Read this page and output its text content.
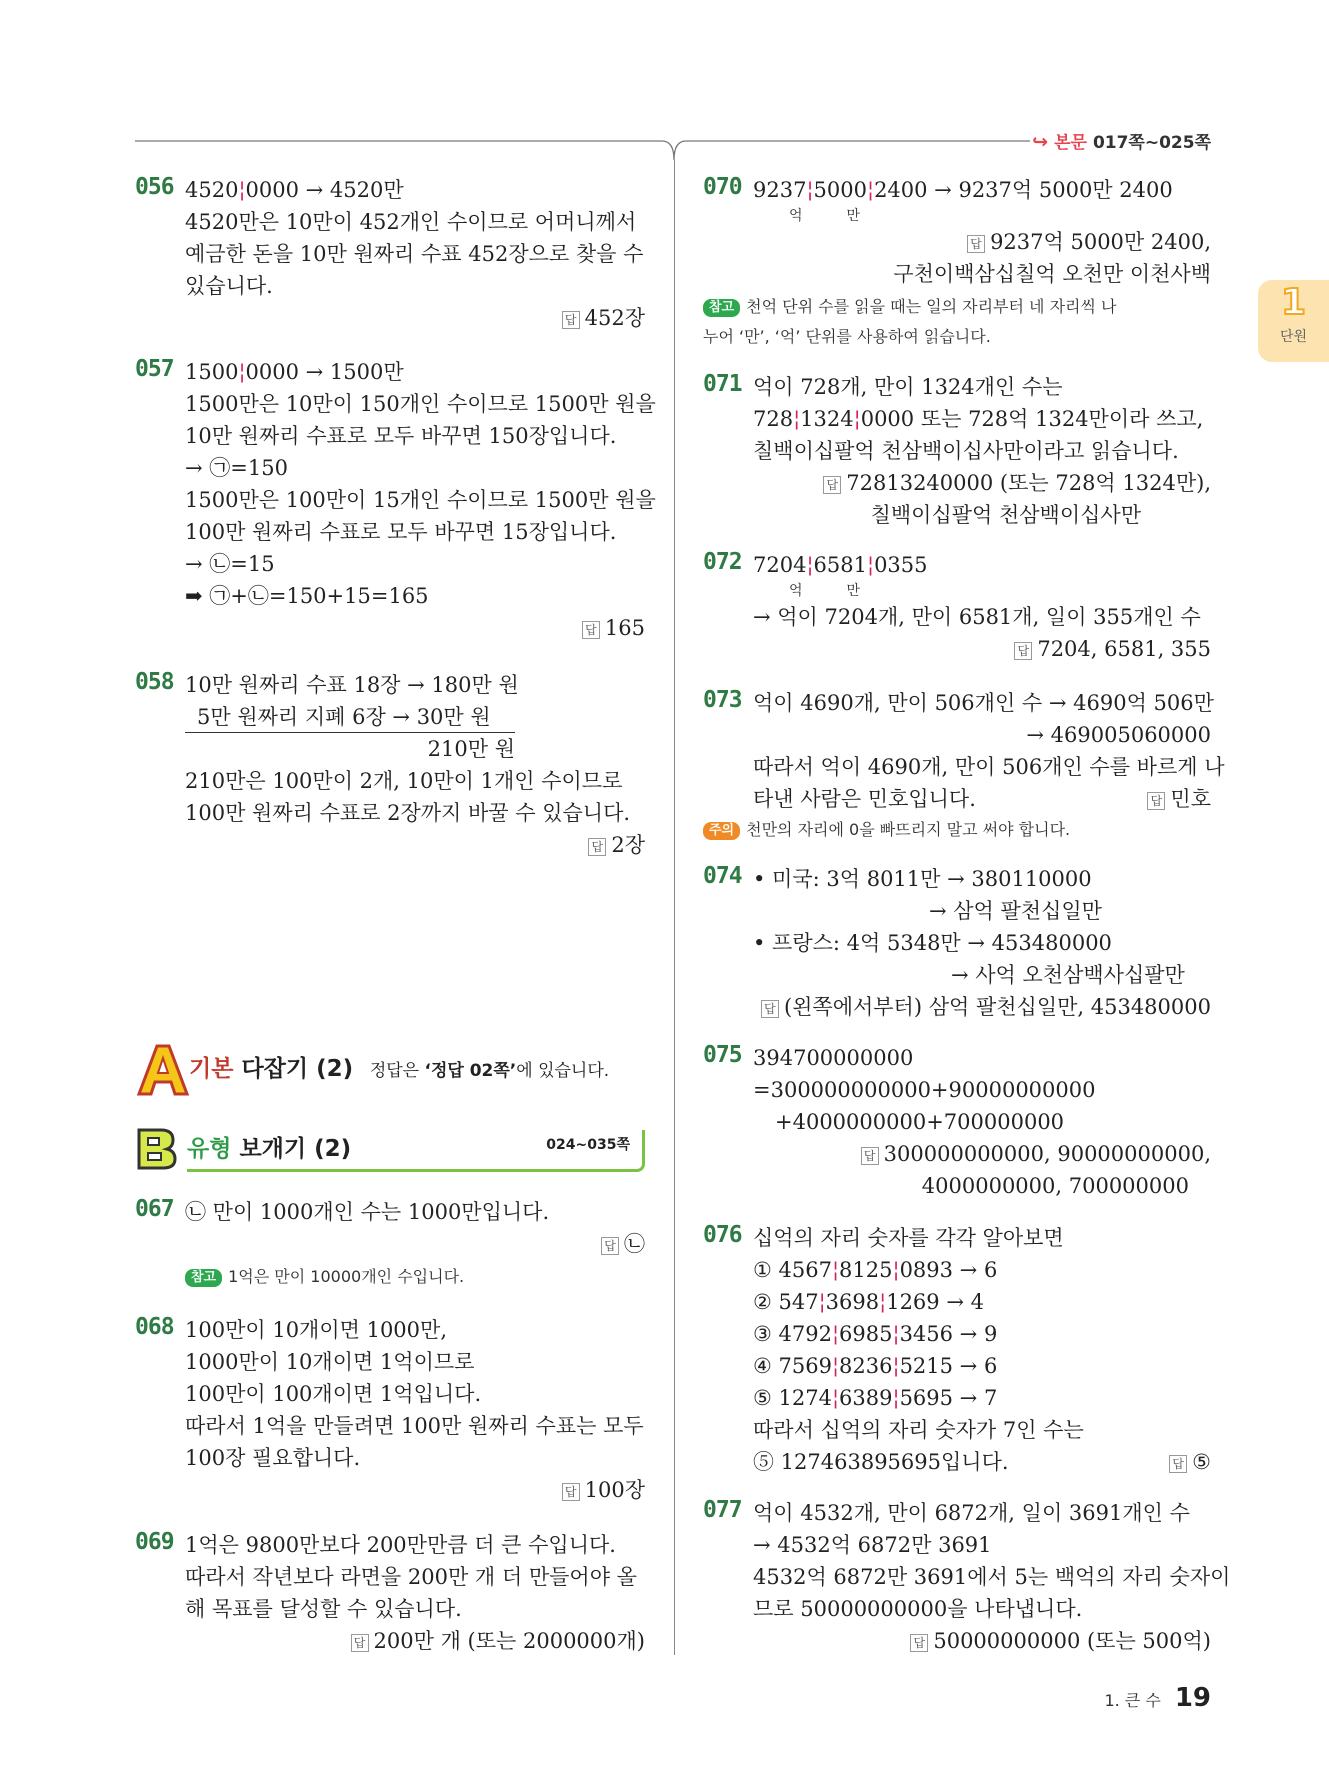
↪ 본문 017쪽~025쪽
1
단원
056 4520¦0000 → 4520만
4520만은 10만이 452개인 수이므로 어머니께서
예금한 돈을 10만 원짜리 수표 452장으로 찾을 수
있습니다.
답 452장
057 1500¦0000 → 1500만
1500만은 10만이 150개인 수이므로 1500만 원을
10만 원짜리 수표로 모두 바꾸면 150장입니다.
→ ㉠=150
1500만은 100만이 15개인 수이므로 1500만 원을
100만 원짜리 수표로 모두 바꾸면 15장입니다.
→ ㉡=15
➡ ㉠+㉡=150+15=165
답 165
058 10만 원짜리 수표 18장 → 180만 원
5만 원짜리 지폐 6장 → 30만 원
210만 원
210만은 100만이 2개, 10만이 1개인 수이므로
100만 원짜리 수표로 2장까지 바꿀 수 있습니다.
답 2장
기본 다잡기 (2) 정답은 ‘정답 02쪽’에 있습니다.
유형 보개기 (2)	024~035쪽
067 ㉡ 만이 1000개인 수는 1000만입니다.
답 ㉡
참고 1억은 만이 10000개인 수입니다.
068 100만이 10개이면 1000만,
1000만이 10개이면 1억이므로
100만이 100개이면 1억입니다.
따라서 1억을 만들려면 100만 원짜리 수표는 모두
100장 필요합니다.
답 100장
069 1억은 9800만보다 200만만큼 더 큰 수입니다.
따라서 작년보다 라면을 200만 개 더 만들어야 올
해 목표를 달성할 수 있습니다.
답 200만 개 (또는 2000000개)
070 9237¦5000¦2400 → 9237억 5000만 2400
억	만
답 9237억 5000만 2400,
구천이백삼십칠억 오천만 이천사백
참고 천억 단위 수를 읽을 때는 일의 자리부터 네 자리씩 나
누어 ‘만’, ‘억’ 단위를 사용하여 읽습니다.
071 억이 728개, 만이 1324개인 수는
728¦1324¦0000 또는 728억 1324만이라 쓰고,
칠백이십팔억 천삼백이십사만이라고 읽습니다.
답 72813240000 (또는 728억 1324만),
칠백이십팔억 천삼백이십사만
072 7204¦6581¦0355
억	만
→ 억이 7204개, 만이 6581개, 일이 355개인 수
답 7204, 6581, 355
073 억이 4690개, 만이 506개인 수 → 4690억 506만
→ 469005060000
따라서 억이 4690개, 만이 506개인 수를 바르게 나
타낸 사람은 민호입니다.	답 민호
주의 천만의 자리에 0을 빠뜨리지 말고 써야 합니다.
074 • 미국: 3억 8011만 → 380110000
→ 삼억 팔천십일만
• 프랑스: 4억 5348만 → 453480000
→ 사억 오천삼백사십팔만
답 (왼쪽에서부터) 삼억 팔천십일만, 453480000
075 394700000000
=300000000000+90000000000
+4000000000+700000000
답 300000000000, 90000000000,
4000000000, 700000000
076 십억의 자리 숫자를 각각 알아보면
① 4567¦8125¦0893 → 6
② 547¦3698¦1269 → 4
③ 4792¦6985¦3456 → 9
④ 7569¦8236¦5215 → 6
⑤ 1274¦6389¦5695 → 7
따라서 십억의 자리 숫자가 7인 수는
⑤ 127463895695입니다.	답 ⑤
077 억이 4532개, 만이 6872개, 일이 3691개인 수
→ 4532억 6872만 3691
4532억 6872만 3691에서 5는 백억의 자리 숫자이
므로 50000000000을 나타냅니다.
답 50000000000 (또는 500억)
1. 큰 수 19
